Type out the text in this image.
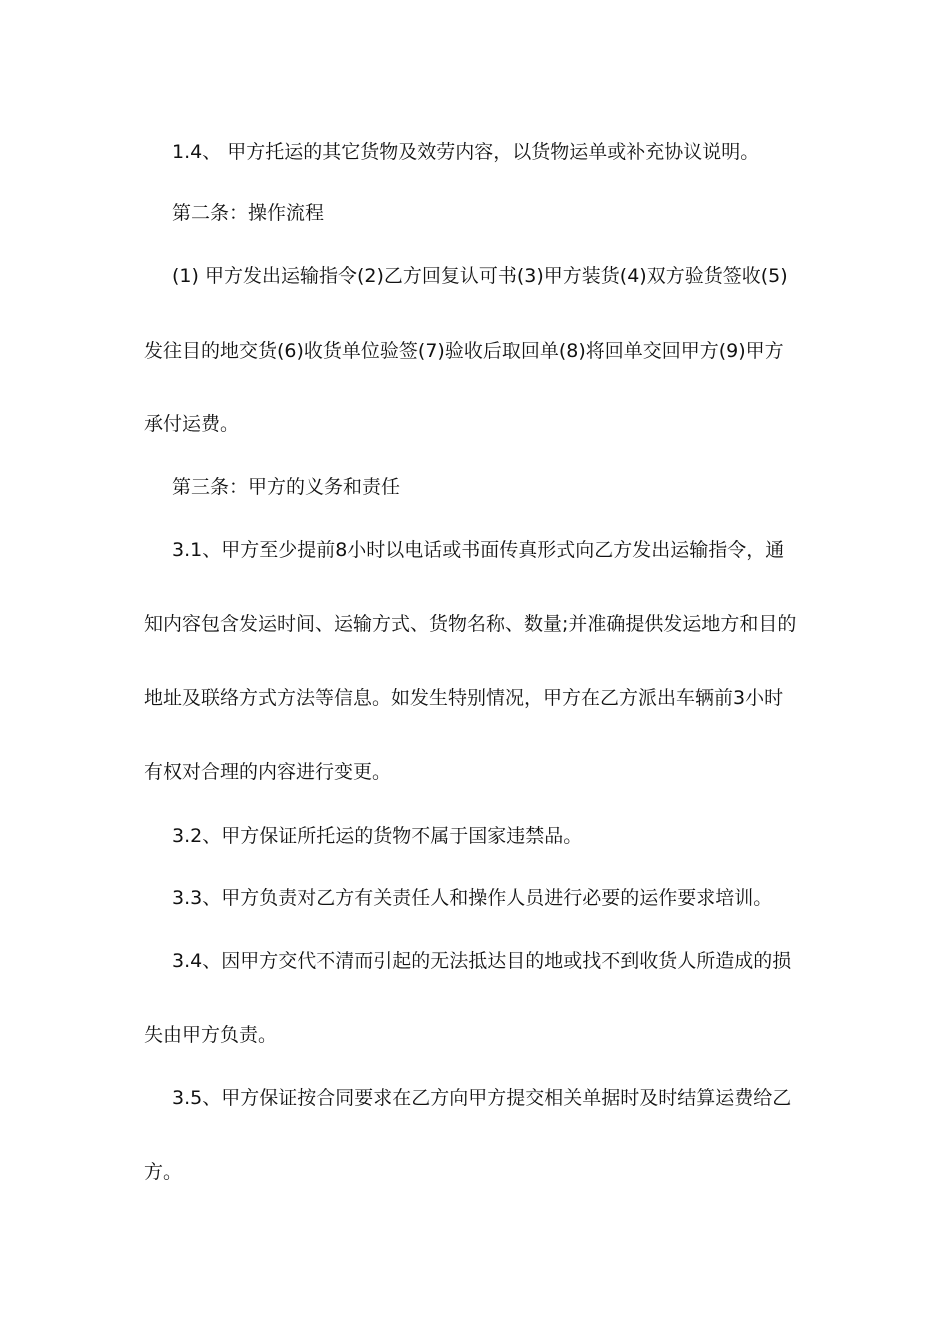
1.4、 甲方托运的其它货物及效劳内容，以货物运单或补充协议说明。
第二条：操作流程
(1) 甲方发出运输指令(2)乙方回复认可书(3)甲方装货(4)双方验货签收(5)
发往目的地交货(6)收货单位验签(7)验收后取回单(8)将回单交回甲方(9)甲方
承付运费。
第三条：甲方的义务和责任
3.1、甲方至少提前8小时以电话或书面传真形式向乙方发出运输指令，通
知内容包含发运时间、运输方式、货物名称、数量;并准确提供发运地方和目的
地址及联络方式方法等信息。如发生特别情况，甲方在乙方派出车辆前3小时
有权对合理的内容进行变更。
3.2、甲方保证所托运的货物不属于国家违禁品。
3.3、甲方负责对乙方有关责任人和操作人员进行必要的运作要求培训。
3.4、因甲方交代不清而引起的无法抵达目的地或找不到收货人所造成的损
失由甲方负责。
3.5、甲方保证按合同要求在乙方向甲方提交相关单据时及时结算运费给乙
方。
